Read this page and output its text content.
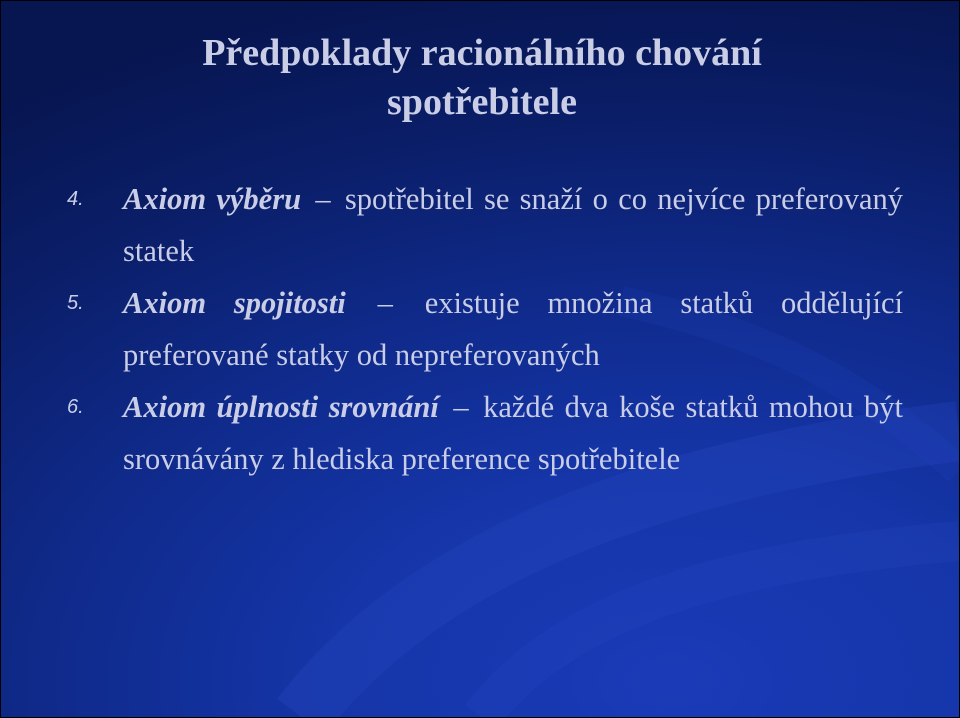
Předpoklady racionálního chování
spotřebitele
4. Axiom výběru – spotřebitel se snaží o co nejvíce preferovaný statek
5. Axiom spojitosti – existuje množina statků oddělující preferované statky od nepreferovaných
6. Axiom úplnosti srovnání – každé dva koše statků mohou být srovnávány z hlediska preference spotřebitele
